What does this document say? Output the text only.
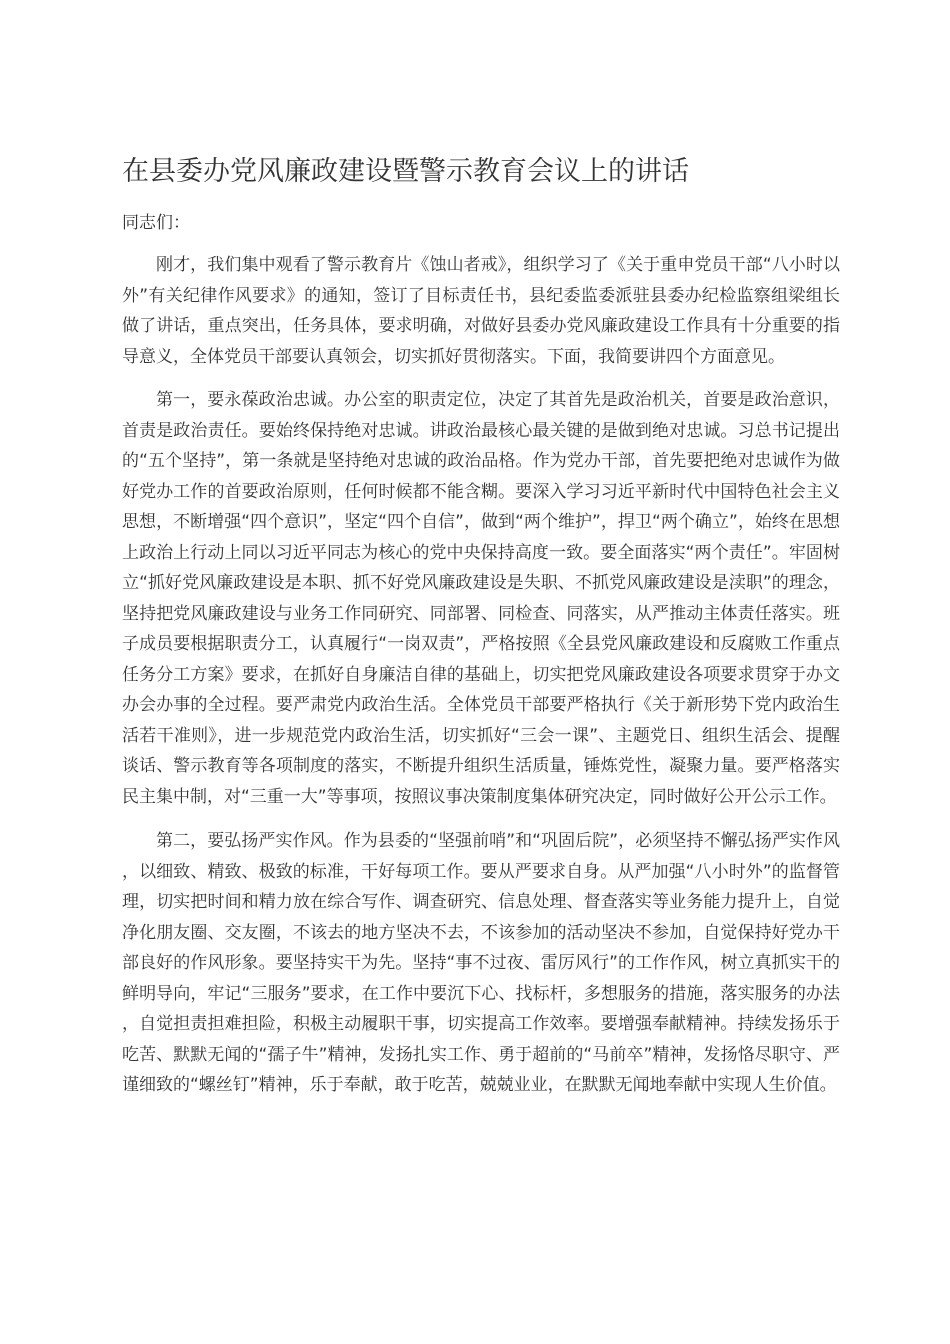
在县委办党风廉政建设暨警示教育会议上的讲话

同志们：

刚才，我们集中观看了警示教育片《蚀山者戒》，组织学习了《关于重申党员干部“八小时以外”有关纪律作风要求》的通知，签订了目标责任书，县纪委监委派驻县委办纪检监察组梁组长做了讲话，重点突出，任务具体，要求明确，对做好县委办党风廉政建设工作具有十分重要的指导意义，全体党员干部要认真领会，切实抓好贯彻落实。下面，我简要讲四个方面意见。

第一，要永葆政治忠诚。办公室的职责定位，决定了其首先是政治机关，首要是政治意识，首责是政治责任。要始终保持绝对忠诚。讲政治最核心最关键的是做到绝对忠诚。习总书记提出的“五个坚持”，第一条就是坚持绝对忠诚的政治品格。作为党办干部，首先要把绝对忠诚作为做好党办工作的首要政治原则，任何时候都不能含糊。要深入学习习近平新时代中国特色社会主义思想，不断增强“四个意识”，坚定“四个自信”，做到“两个维护”，捍卫“两个确立”，始终在思想上政治上行动上同以习近平同志为核心的党中央保持高度一致。要全面落实“两个责任”。牢固树立“抓好党风廉政建设是本职、抓不好党风廉政建设是失职、不抓党风廉政建设是渎职”的理念，坚持把党风廉政建设与业务工作同研究、同部署、同检查、同落实，从严推动主体责任落实。班子成员要根据职责分工，认真履行“一岗双责”，严格按照《全县党风廉政建设和反腐败工作重点任务分工方案》要求，在抓好自身廉洁自律的基础上，切实把党风廉政建设各项要求贯穿于办文办会办事的全过程。要严肃党内政治生活。全体党员干部要严格执行《关于新形势下党内政治生活若干准则》，进一步规范党内政治生活，切实抓好“三会一课”、主题党日、组织生活会、提醒谈话、警示教育等各项制度的落实，不断提升组织生活质量，锤炼党性，凝聚力量。要严格落实民主集中制，对“三重一大”等事项，按照议事决策制度集体研究决定，同时做好公开公示工作。

第二，要弘扬严实作风。作为县委的“坚强前哨”和“巩固后院”，必须坚持不懈弘扬严实作风，以细致、精致、极致的标准，干好每项工作。要从严要求自身。从严加强“八小时外”的监督管理，切实把时间和精力放在综合写作、调查研究、信息处理、督查落实等业务能力提升上，自觉净化朋友圈、交友圈，不该去的地方坚决不去，不该参加的活动坚决不参加，自觉保持好党办干部良好的作风形象。要坚持实干为先。坚持“事不过夜、雷厉风行”的工作作风，树立真抓实干的鲜明导向，牢记“三服务”要求，在工作中要沉下心、找标杆，多想服务的措施，落实服务的办法，自觉担责担难担险，积极主动履职干事，切实提高工作效率。要增强奉献精神。持续发扬乐于吃苦、默默无闻的“孺子牛”精神，发扬扎实工作、勇于超前的“马前卒”精神，发扬恪尽职守、严谨细致的“螺丝钉”精神，乐于奉献，敢于吃苦，兢兢业业，在默默无闻地奉献中实现人生价值。
